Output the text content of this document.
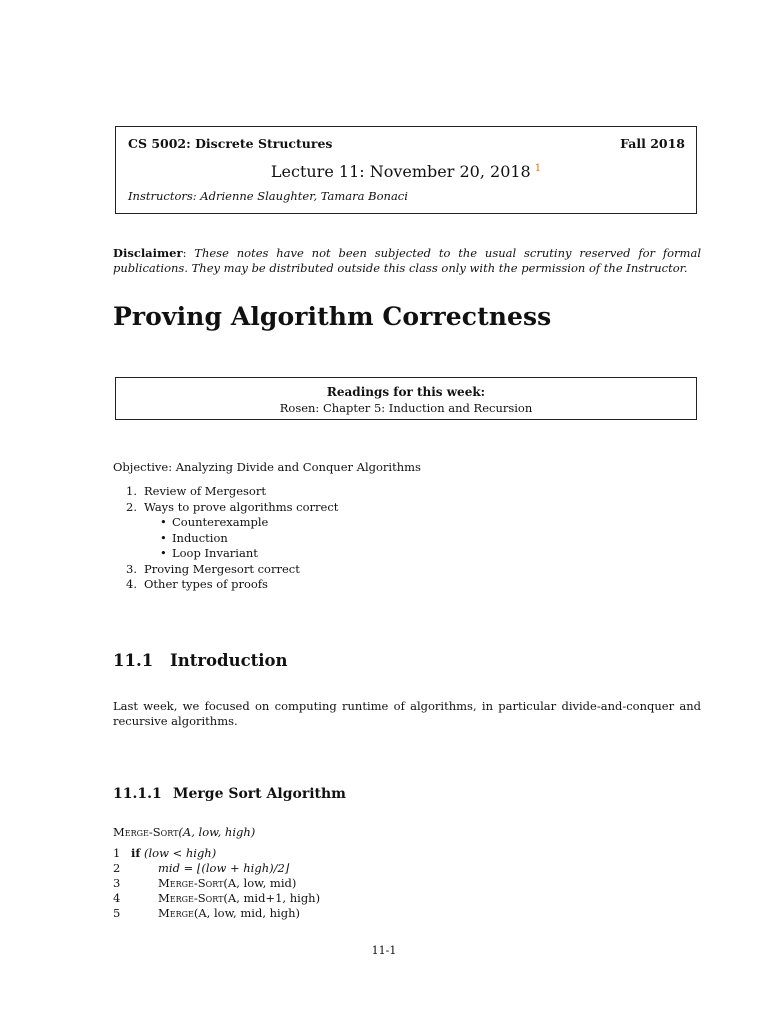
CS 5002: Discrete Structures	Fall 2018
Lecture 11: November 20, 2018 $^1$
Instructors: Adrienne Slaughter, Tamara Bonaci
Disclaimer: These notes have not been subjected to the usual scrutiny reserved for formal publications. They may be distributed outside this class only with the permission of the Instructor.
Proving Algorithm Correctness
Readings for this week:
Rosen: Chapter 5: Induction and Recursion
Objective: Analyzing Divide and Conquer Algorithms
1. Review of Mergesort
2. Ways to prove algorithms correct
• Counterexample
• Induction
• Loop Invariant
3. Proving Mergesort correct
4. Other types of proofs
11.1 Introduction
Last week, we focused on computing runtime of algorithms, in particular divide-and-conquer and recursive algorithms.
11.1.1 Merge Sort Algorithm
Merge-Sort(A, low, high)
1 if (low < high)
2	mid = ⌊(low + high)/2⌋
3	Merge-Sort(A, low, mid)
4	Merge-Sort(A, mid+1, high)
5	Merge(A, low, mid, high)
11-1
